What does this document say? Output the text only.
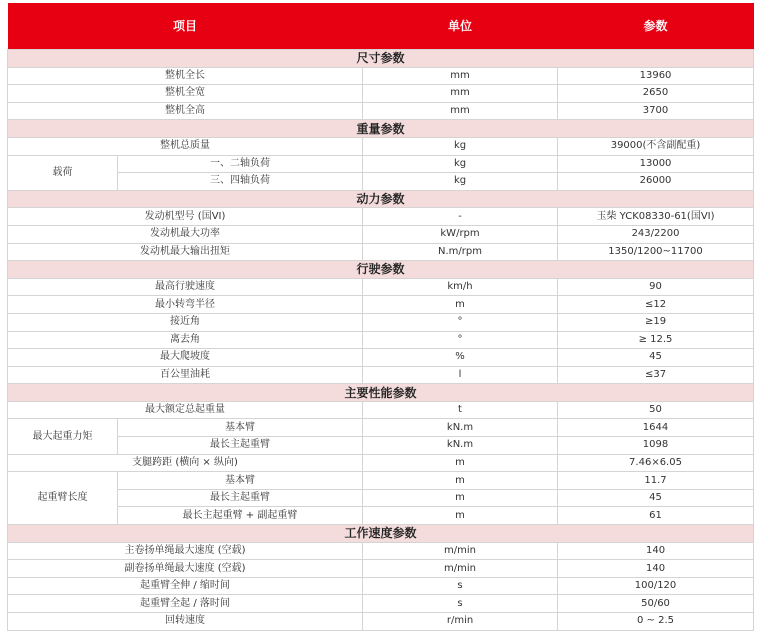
项目		单位	参数
尺寸参数			
整机全长		mm	13960
整机全宽		mm	2650
整机全高		mm	3700
重量参数			
整机总质量		kg	39000(不含副配重)
载荷	一、二轴负荷	kg	13000
	三、四轴负荷	kg	26000
动力参数			
发动机型号 (国VI)		-	玉柴 YCK08330-61(国VI)
发动机最大功率		kW/rpm	243/2200
发动机最大输出扭矩		N.m/rpm	1350/1200~11700
行驶参数			
最高行驶速度		km/h	90
最小转弯半径		m	≤12
接近角		°	≥19
离去角		°	≥ 12.5
最大爬坡度		%	45
百公里油耗		l	≤37
主要性能参数			
最大额定总起重量		t	50
最大起重力矩	基本臂	kN.m	1644
	最长主起重臂	kN.m	1098
支腿跨距 (横向 × 纵向)		m	7.46×6.05
起重臂长度	基本臂	m	11.7
	最长主起重臂	m	45
	最长主起重臂 + 副起重臂	m	61
工作速度参数			
主卷扬单绳最大速度 (空载)		m/min	140
副卷扬单绳最大速度 (空载)		m/min	140
起重臂全伸 / 缩时间		s	100/120
起重臂全起 / 落时间		s	50/60
回转速度		r/min	0 ~ 2.5
